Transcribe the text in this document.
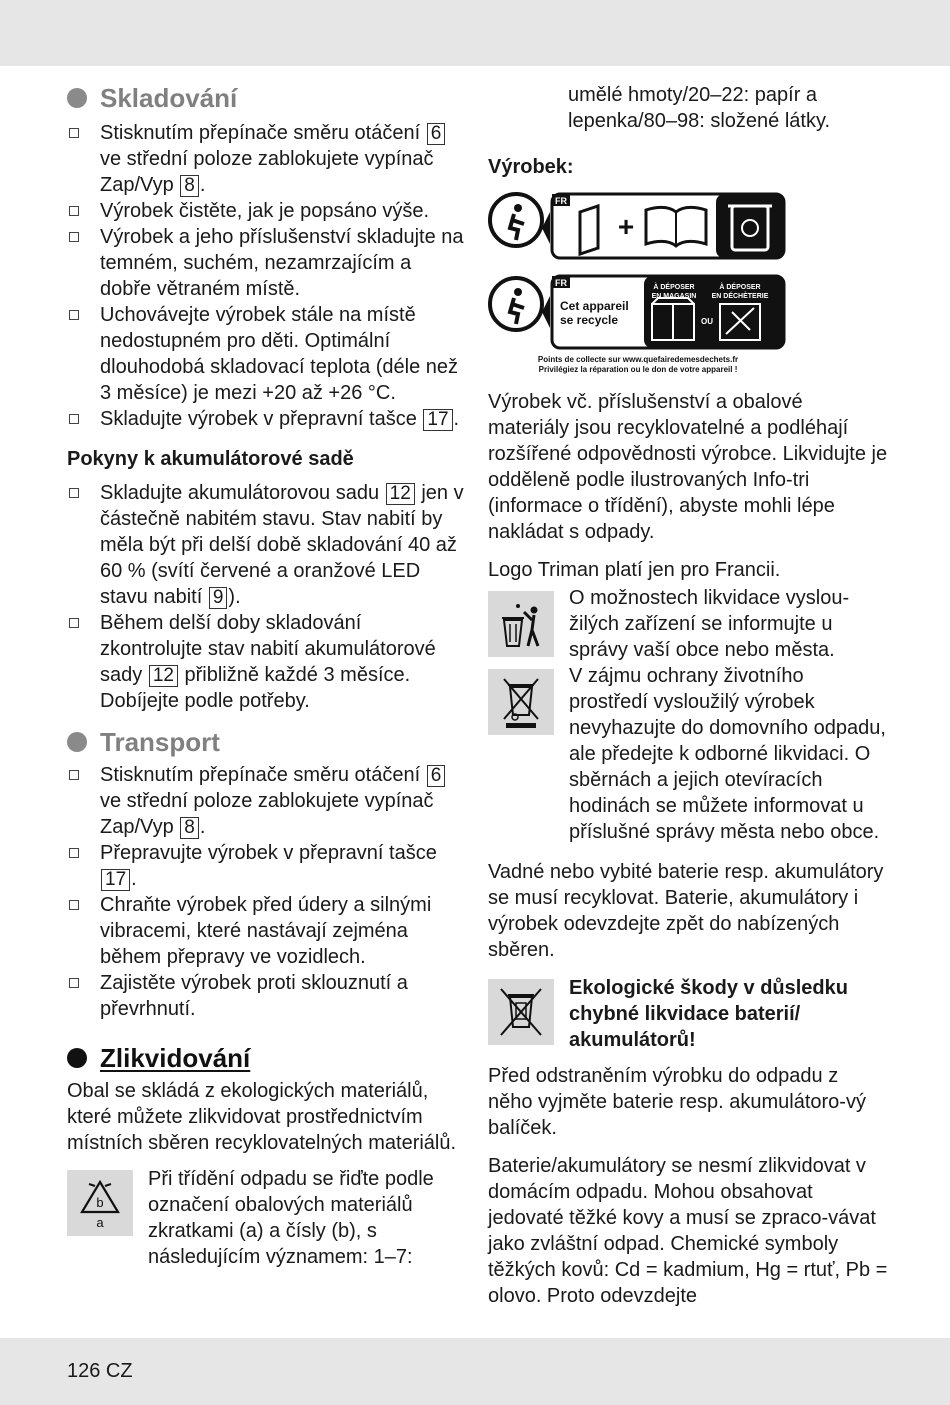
Skladování
Stisknutím přepínače směru otáčení 6 ve střední poloze zablokujete vypínač Zap/Vyp 8 .
Výrobek čistěte, jak je popsáno výše.
Výrobek a jeho příslušenství skladujte na temném, suchém, nezamrzajícím a dobře větraném místě.
Uchovávejte výrobek stále na místě nedostupném pro děti. Optimální dlouhodobá skladovací teplota (déle než 3 měsíce) je mezi +20 až +26 °C.
Skladujte výrobek v přepravní tašce 17 .
Pokyny k akumulátorové sadě
Skladujte akumulátorovou sadu 12 jen v částečně nabitém stavu. Stav nabití by měla být při delší době skladování 40 až 60 % (svítí červené a oranžové LED stavu nabití 9 ).
Během delší doby skladování zkontrolujte stav nabití akumulátorové sady 12 přibližně každé 3 měsíce. Dobíjejte podle potřeby.
Transport
Stisknutím přepínače směru otáčení 6 ve střední poloze zablokujete vypínač Zap/Vyp 8 .
Přepravujte výrobek v přepravní tašce 17 .
Chraňte výrobek před údery a silnými vibracemi, které nastávají zejména během přepravy ve vozidlech.
Zajistěte výrobek proti sklouznutí a převrhnutí.
Zlikvidování

Obal se skládá z ekologických materiálů, které můžete zlikvidovat prostřednictvím místních sběren recyklovatelných materiálů.

b
a

Při třídění odpadu se řiďte podle označení obalových materiálů zkratkami (a) a čísly (b), s následujícím významem: 1–7:

umělé hmoty/20–22: papír a lepenka/80–98: složené látky.

Výrobek:
FR
+
FR
Cet appareil
se recycle
À DÉPOSER
EN MAGASIN
À DÉPOSER
EN DÉCHÈTERIE
OU
Points de collecte sur www.quefairedemesdechets.fr
Privilégiez la réparation ou le don de votre appareil !

Výrobek vč. příslušenství a obalové materiály jsou recyklovatelné a podléhají rozšířené odpovědnosti výrobce. Likvidujte je odděleně podle ilustrovaných Info-tri (informace o třídění), abyste mohli lépe nakládat s odpady.

Logo Triman platí jen pro Francii.

O možnostech likvidace vyslou-žilých zařízení se informujte u správy vaší obce nebo města.

V zájmu ochrany životního prostředí vysloužilý výrobek nevyhazujte do domovního odpadu, ale předejte k odborné likvidaci. O sběrnách a jejich otevíracích hodinách se můžete informovat u příslušné správy města nebo obce.

Vadné nebo vybité baterie resp. akumulátory se musí recyklovat. Baterie, akumulátory i výrobek odevzdejte zpět do nabízených sběren.

Ekologické škody v důsledku chybné likvidace baterií/ akumulátorů!

Před odstraněním výrobku do odpadu z něho vyjměte baterie resp. akumulátoro-vý balíček.

Baterie/akumulátory se nesmí zlikvidovat v domácím odpadu. Mohou obsahovat jedovaté těžké kovy a musí se zpraco-vávat jako zvláštní odpad. Chemické symboly těžkých kovů: Cd = kadmium, Hg = rtuť, Pb = olovo. Proto odevzdejte

126 CZ
